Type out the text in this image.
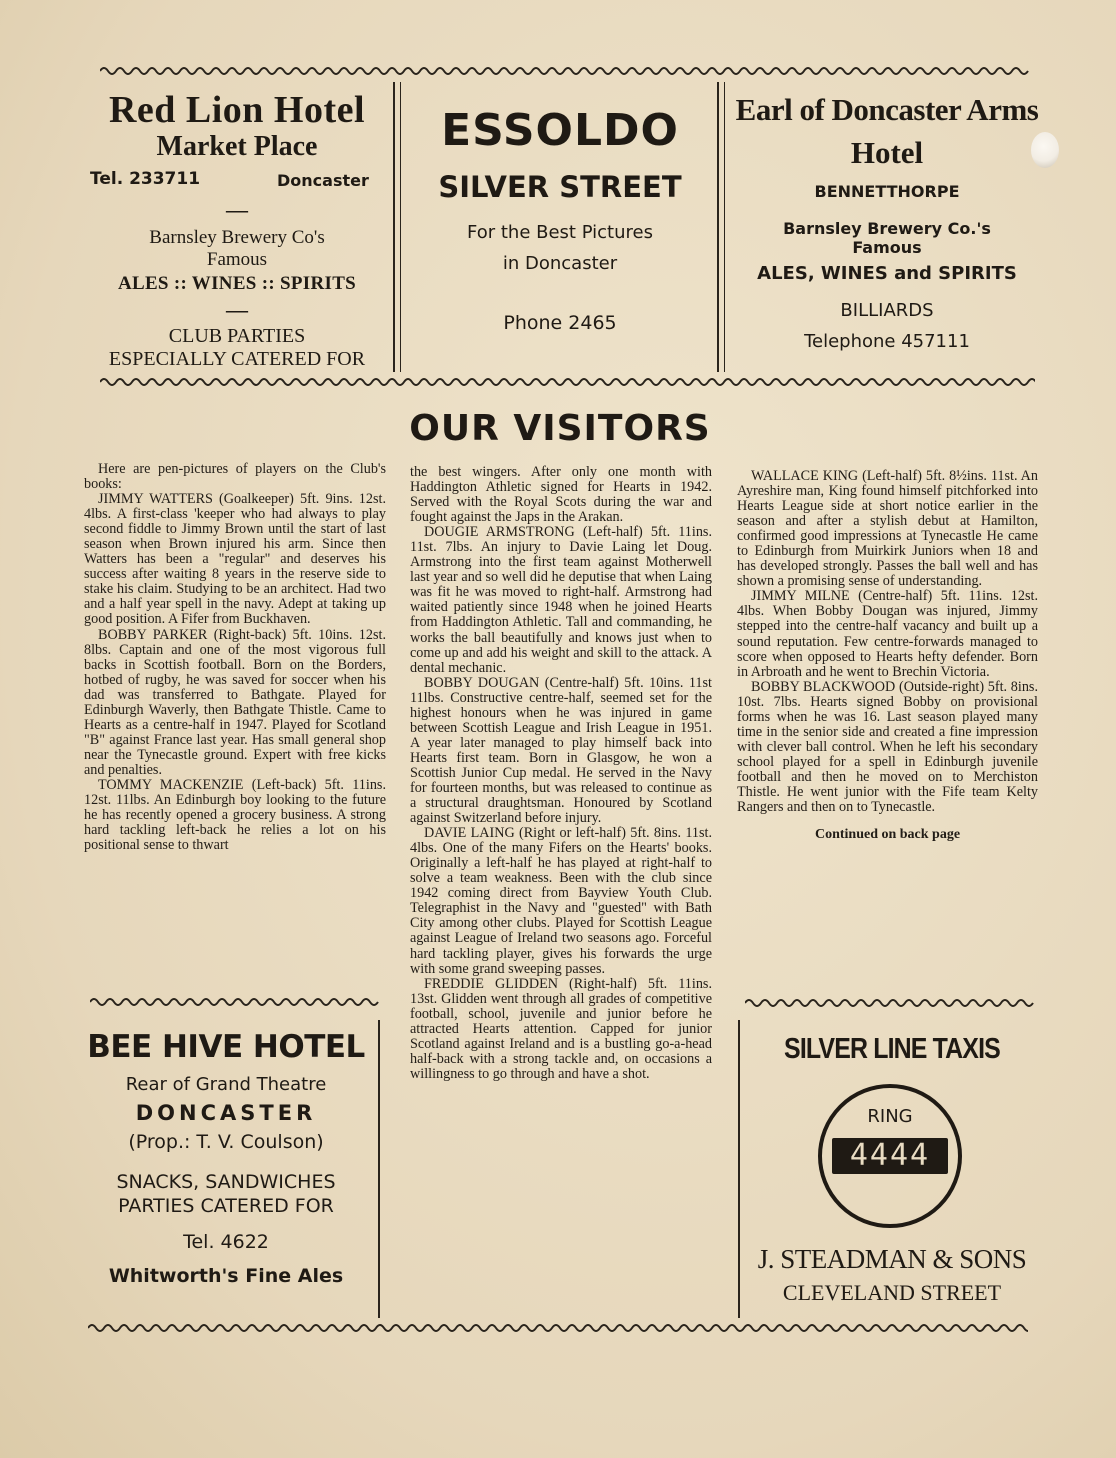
Red Lion Hotel
Market Place
Tel. 233711	Doncaster
—
Barnsley Brewery Co's
Famous
ALES :: WINES :: SPIRITS
—
CLUB PARTIES
ESPECIALLY CATERED FOR
ESSOLDO
SILVER STREET
For the Best Pictures
in Doncaster
Phone 2465
Earl of Doncaster Arms
Hotel
BENNETTHORPE
Barnsley Brewery Co.'s
Famous
ALES, WINES and SPIRITS
BILLIARDS
Telephone 457111
OUR VISITORS

Here are pen-pictures of players on the Club's books:

JIMMY WATTERS (Goalkeeper) 5ft. 9ins. 12st. 4lbs. A first-class 'keeper who had always to play second fiddle to Jimmy Brown until the start of last season when Brown injured his arm. Since then Watters has been a "regular" and deserves his success after waiting 8 years in the reserve side to stake his claim. Studying to be an architect. Had two and a half year spell in the navy. Adept at taking up good position. A Fifer from Buckhaven.

BOBBY PARKER (Right-back) 5ft. 10ins. 12st. 8lbs. Captain and one of the most vigorous full backs in Scottish football. Born on the Borders, hotbed of rugby, he was saved for soccer when his dad was transferred to Bathgate. Played for Edinburgh Waverly, then Bathgate Thistle. Came to Hearts as a centre-half in 1947. Played for Scotland "B" against France last year. Has small general shop near the Tynecastle ground. Expert with free kicks and penalties.

TOMMY MACKENZIE (Left-back) 5ft. 11ins. 12st. 11lbs. An Edinburgh boy looking to the future he has recently opened a grocery business. A strong hard tackling left-back he relies a lot on his positional sense to thwart

the best wingers. After only one month with Haddington Athletic signed for Hearts in 1942. Served with the Royal Scots during the war and fought against the Japs in the Arakan.

DOUGIE ARMSTRONG (Left-half) 5ft. 11ins. 11st. 7lbs. An injury to Davie Laing let Doug. Armstrong into the first team against Motherwell last year and so well did he deputise that when Laing was fit he was moved to right-half. Armstrong had waited patiently since 1948 when he joined Hearts from Haddington Athletic. Tall and commanding, he works the ball beautifully and knows just when to come up and add his weight and skill to the attack. A dental mechanic.

BOBBY DOUGAN (Centre-half) 5ft. 10ins. 11st 11lbs. Constructive centre-half, seemed set for the highest honours when he was injured in game between Scottish League and Irish League in 1951. A year later managed to play himself back into Hearts first team. Born in Glasgow, he won a Scottish Junior Cup medal. He served in the Navy for fourteen months, but was released to continue as a structural draughtsman. Honoured by Scotland against Switzerland before injury.

DAVIE LAING (Right or left-half) 5ft. 8ins. 11st. 4lbs. One of the many Fifers on the Hearts' books. Originally a left-half he has played at right-half to solve a team weakness. Been with the club since 1942 coming direct from Bayview Youth Club. Telegraphist in the Navy and "guested" with Bath City among other clubs. Played for Scottish League against League of Ireland two seasons ago. Forceful hard tackling player, gives his forwards the urge with some grand sweeping passes.

FREDDIE GLIDDEN (Right-half) 5ft. 11ins. 13st. Glidden went through all grades of competitive football, school, juvenile and junior before he attracted Hearts attention. Capped for junior Scotland against Ireland and is a bustling go-a-head half-back with a strong tackle and, on occasions a willingness to go through and have a shot.

WALLACE KING (Left-half) 5ft. 8½ins. 11st. An Ayreshire man, King found himself pitchforked into Hearts League side at short notice earlier in the season and after a stylish debut at Hamilton, confirmed good impressions at Tynecastle He came to Edinburgh from Muirkirk Juniors when 18 and has developed strongly. Passes the ball well and has shown a promising sense of understanding.

JIMMY MILNE (Centre-half) 5ft. 11ins. 12st. 4lbs. When Bobby Dougan was injured, Jimmy stepped into the centre-half vacancy and built up a sound reputation. Few centre-forwards managed to score when opposed to Hearts hefty defender. Born in Arbroath and he went to Brechin Victoria.

BOBBY BLACKWOOD (Outside-right) 5ft. 8ins. 10st. 7lbs. Hearts signed Bobby on provisional forms when he was 16. Last season played many time in the senior side and created a fine impression with clever ball control. When he left his secondary school played for a spell in Edinburgh juvenile football and then he moved on to Merchiston Thistle. He went junior with the Fife team Kelty Rangers and then on to Tynecastle.

Continued on back page
BEE HIVE HOTEL
Rear of Grand Theatre
DONCASTER
(Prop.: T. V. Coulson)
SNACKS, SANDWICHES
PARTIES CATERED FOR
Tel. 4622
Whitworth's Fine Ales
SILVER LINE TAXIS
RING
4444
J. STEADMAN & SONS
CLEVELAND STREET
